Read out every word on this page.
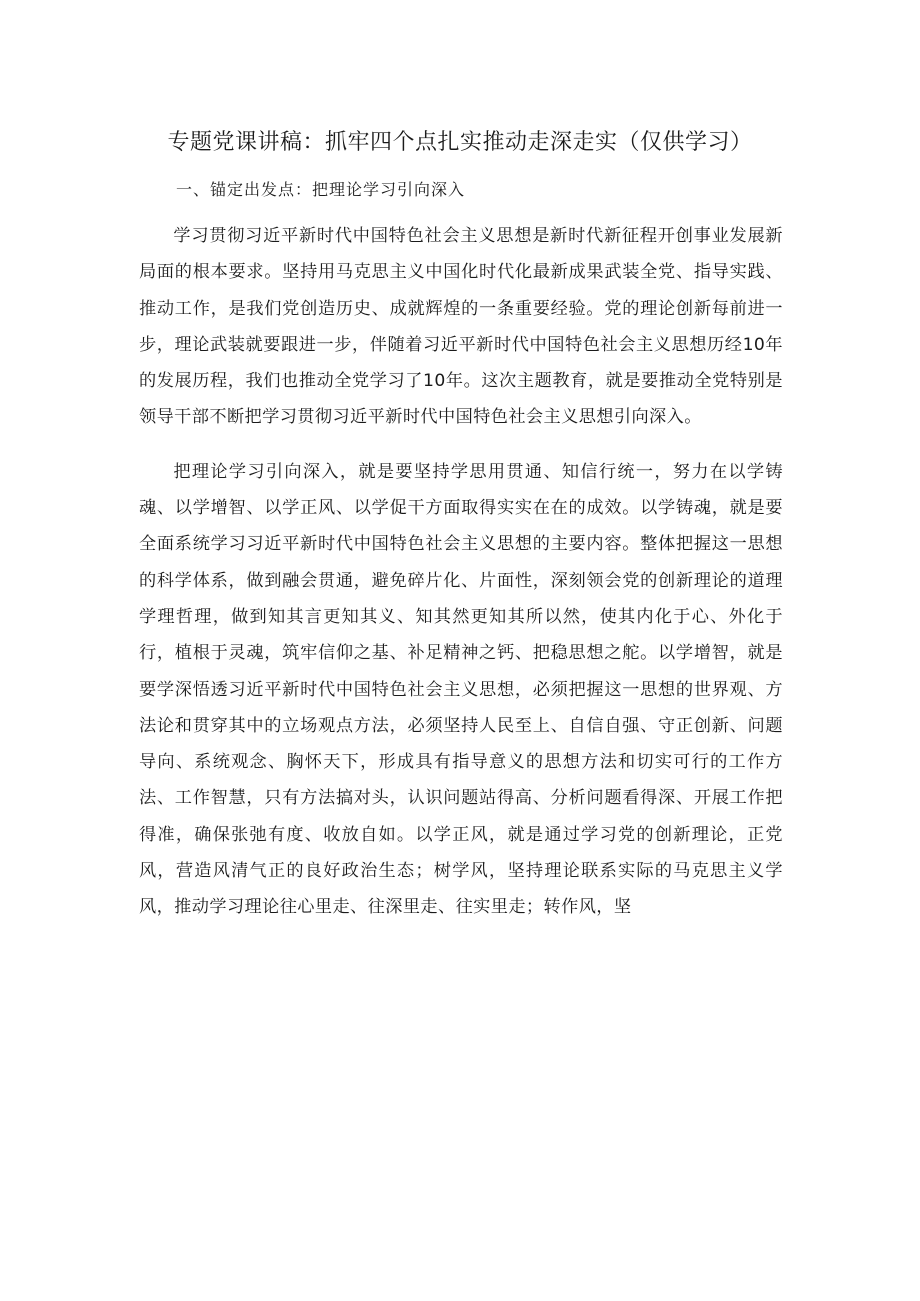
专题党课讲稿：抓牢四个点扎实推动走深走实（仅供学习）
一、锚定出发点：把理论学习引向深入

学习贯彻习近平新时代中国特色社会主义思想是新时代新征程开创事业发展新局面的根本要求。坚持用马克思主义中国化时代化最新成果武装全党、指导实践、推动工作，是我们党创造历史、成就辉煌的一条重要经验。党的理论创新每前进一步，理论武装就要跟进一步，伴随着习近平新时代中国特色社会主义思想历经10年的发展历程，我们也推动全党学习了10年。这次主题教育，就是要推动全党特别是领导干部不断把学习贯彻习近平新时代中国特色社会主义思想引向深入。

把理论学习引向深入，就是要坚持学思用贯通、知信行统一，努力在以学铸魂、以学增智、以学正风、以学促干方面取得实实在在的成效。以学铸魂，就是要全面系统学习习近平新时代中国特色社会主义思想的主要内容。整体把握这一思想的科学体系，做到融会贯通，避免碎片化、片面性，深刻领会党的创新理论的道理学理哲理，做到知其言更知其义、知其然更知其所以然，使其内化于心、外化于行，植根于灵魂，筑牢信仰之基、补足精神之钙、把稳思想之舵。以学增智，就是要学深悟透习近平新时代中国特色社会主义思想，必须把握这一思想的世界观、方法论和贯穿其中的立场观点方法，必须坚持人民至上、自信自强、守正创新、问题导向、系统观念、胸怀天下，形成具有指导意义的思想方法和切实可行的工作方法、工作智慧，只有方法搞对头，认识问题站得高、分析问题看得深、开展工作把得准，确保张弛有度、收放自如。以学正风，就是通过学习党的创新理论，正党风，营造风清气正的良好政治生态；树学风，坚持理论联系实际的马克思主义学风，推动学习理论往心里走、往深里走、往实里走；转作风，坚
